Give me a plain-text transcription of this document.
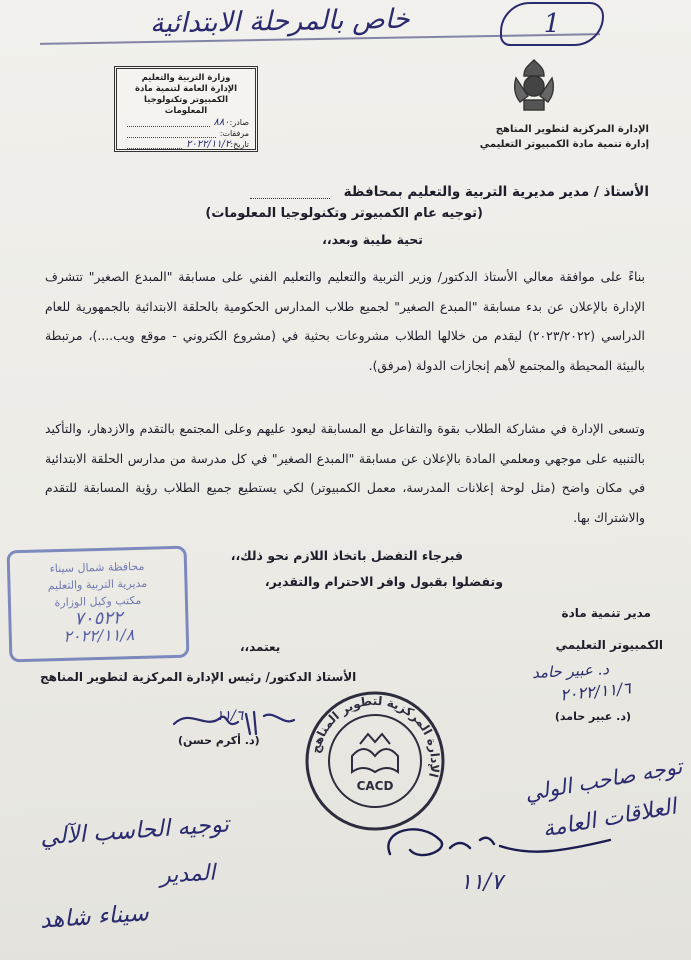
خاص بالمرحلة الابتدائية	1
وزارة التربية والتعليم
الإدارة العامة لتنمية مادة
الكمبيوتر وتكنولوجيا المعلومات
صادر:
٨٨٠
مرفقات:
تاريخ:
٢٠٢٢/١١/٢
الإدارة المركزية لتطوير المناهج
إدارة تنمية مادة الكمبيوتر التعليمي
الأستاذ / مدير مديرية التربية والتعليم بمحافظة
(توجيه عام الكمبيوتر وتكنولوجيا المعلومات)
تحية طيبة وبعد،،
بناءً على موافقة معالي الأستاذ الدكتور/ وزير التربية والتعليم والتعليم الفني على مسابقة "المبدع الصغير" تتشرف الإدارة بالإعلان عن بدء مسابقة "المبدع الصغير" لجميع طلاب المدارس الحكومية بالحلقة الابتدائية بالجمهورية للعام الدراسي (٢٠٢٣/٢٠٢٢) ليقدم من خلالها الطلاب مشروعات بحثية في (مشروع الكتروني - موقع ويب....)، مرتبطة بالبيئة المحيطة والمجتمع لأهم إنجازات الدولة (مرفق).
وتسعى الإدارة في مشاركة الطلاب بقوة والتفاعل مع المسابقة ليعود عليهم وعلى المجتمع بالتقدم والازدهار، والتأكيد بالتنبيه على موجهي ومعلمي المادة بالإعلان عن مسابقة "المبدع الصغير" في كل مدرسة من مدارس الحلقة الابتدائية في مكان واضح (مثل لوحة إعلانات المدرسة، معمل الكمبيوتر) لكي يستطيع جميع الطلاب رؤية المسابقة للتقدم والاشتراك بها.
فبرجاء التفضل باتخاذ اللازم نحو ذلك،،
وتفضلوا بقبول وافر الاحترام والتقدير،
محافظة شمال سيناء
مديرية التربية والتعليم
مكتب وكيل الوزارة
٧٠٥٢٢
٢٠٢٢/١١/٨
مدير تنمية مادة
الكمبيوتر التعليمي
د. عبير حامد
٢٠٢٢/١١/٦
(د. عبير حامد)
يعتمد،،
الأستاذ الدكتور/ رئيس الإدارة المركزية لتطوير المناهج
١١/٦
(د. أكرم حسن)
الإدارة المركزية لتطوير المناهج
CACD	توجه صاحب الولي
العلاقات العامة
١١/٧
توجيه الحاسب الآلي
المدير
سيناء شاهد
